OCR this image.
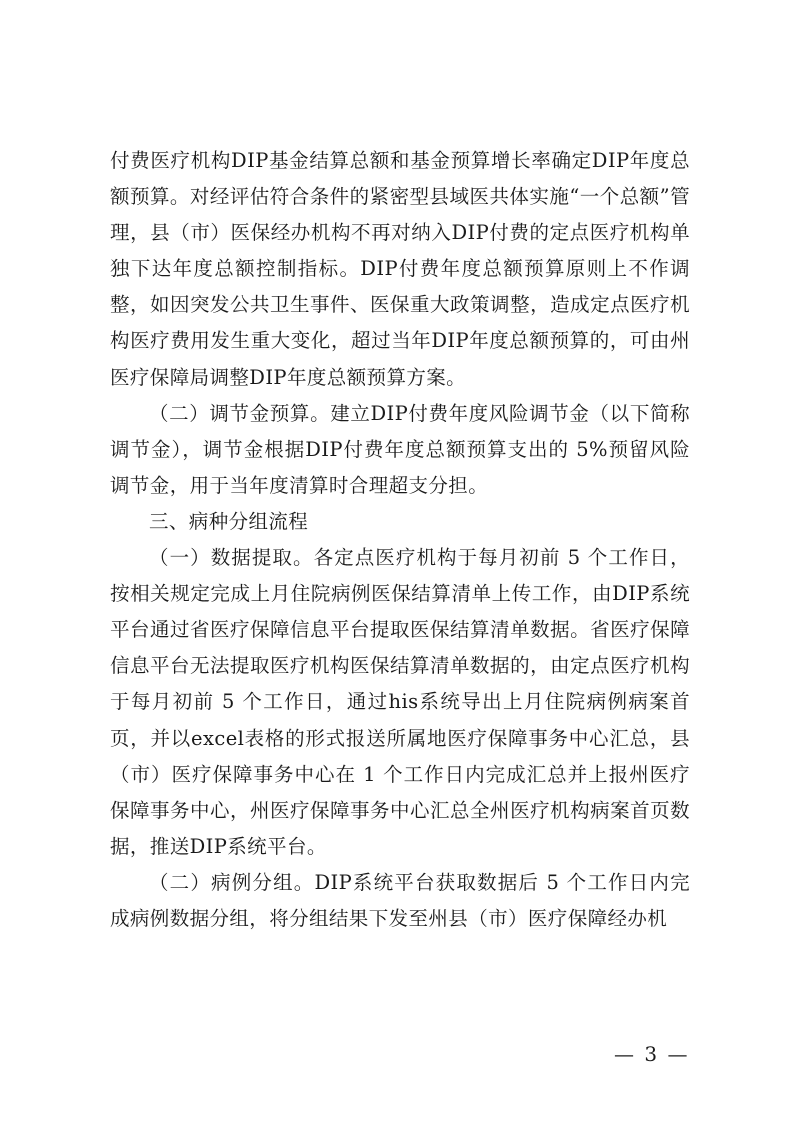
付费医疗机构DIP基金结算总额和基金预算增长率确定DIP年度总额预算。对经评估符合条件的紧密型县域医共体实施“一个总额”管理，县（市）医保经办机构不再对纳入DIP付费的定点医疗机构单独下达年度总额控制指标。DIP付费年度总额预算原则上不作调整，如因突发公共卫生事件、医保重大政策调整，造成定点医疗机构医疗费用发生重大变化，超过当年DIP年度总额预算的，可由州医疗保障局调整DIP年度总额预算方案。

（二）调节金预算。建立DIP付费年度风险调节金（以下简称调节金），调节金根据DIP付费年度总额预算支出的 5%预留风险调节金，用于当年度清算时合理超支分担。

三、病种分组流程

（一）数据提取。各定点医疗机构于每月初前 5 个工作日，按相关规定完成上月住院病例医保结算清单上传工作，由DIP系统平台通过省医疗保障信息平台提取医保结算清单数据。省医疗保障信息平台无法提取医疗机构医保结算清单数据的，由定点医疗机构于每月初前 5 个工作日，通过his系统导出上月住院病例病案首页，并以excel表格的形式报送所属地医疗保障事务中心汇总，县（市）医疗保障事务中心在 1 个工作日内完成汇总并上报州医疗保障事务中心，州医疗保障事务中心汇总全州医疗机构病案首页数据，推送DIP系统平台。

（二）病例分组。DIP系统平台获取数据后 5 个工作日内完成病例数据分组，将分组结果下发至州县（市）医疗保障经办机

— 3 —
